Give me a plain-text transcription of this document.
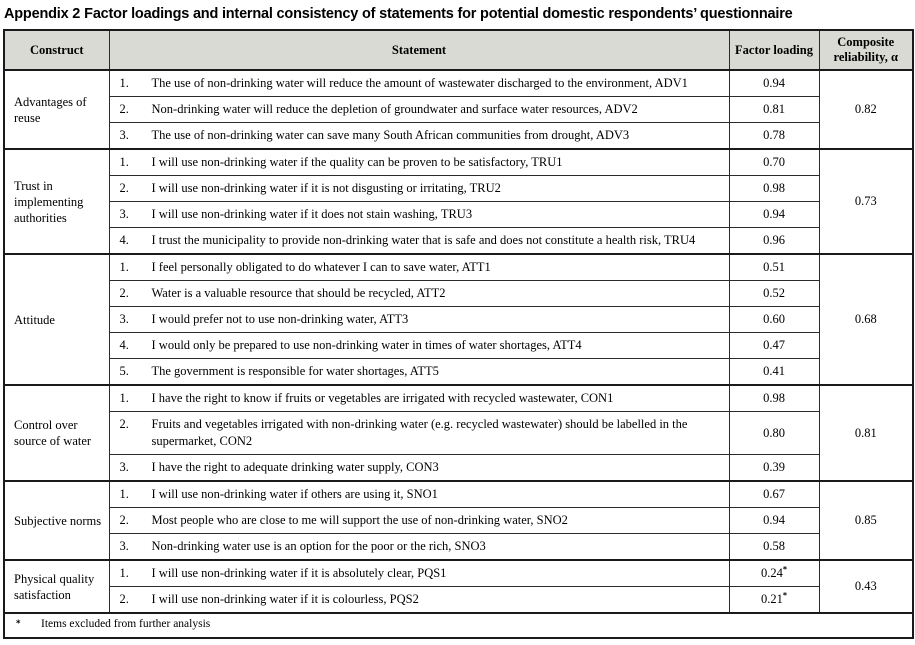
Appendix 2 Factor loadings and internal consistency of statements for potential domestic respondents’ questionnaire
Construct	Statement	Factor loading	Composite reliability, α
Advantages of reuse	1. The use of non-drinking water will reduce the amount of wastewater discharged to the environment, ADV1	0.94	0.82

	2. Non-drinking water will reduce the depletion of groundwater and surface water resources, ADV2	0.81	

	3. The use of non-drinking water can save many South African communities from drought, ADV3	0.78	
Trust in implementing authorities	1. I will use non-drinking water if the quality can be proven to be satisfactory, TRU1	0.70	0.73

	2. I will use non-drinking water if it is not disgusting or irritating, TRU2	0.98	

	3. I will use non-drinking water if it does not stain washing, TRU3	0.94	

	4. I trust the municipality to provide non-drinking water that is safe and does not constitute a health risk, TRU4	0.96	
Attitude	1. I feel personally obligated to do whatever I can to save water, ATT1	0.51	0.68

	2. Water is a valuable resource that should be recycled, ATT2	0.52	

	3. I would prefer not to use non-drinking water, ATT3	0.60	

	4. I would only be prepared to use non-drinking water in times of water shortages, ATT4	0.47	

	5. The government is responsible for water shortages, ATT5	0.41	
Control over source of water	1. I have the right to know if fruits or vegetables are irrigated with recycled wastewater, CON1	0.98	0.81

	2. Fruits and vegetables irrigated with non-drinking water (e.g. recycled wastewater) should be labelled in the supermarket, CON2	0.80	

	3. I have the right to adequate drinking water supply, CON3	0.39	
Subjective norms	1. I will use non-drinking water if others are using it, SNO1	0.67	0.85

	2. Most people who are close to me will support the use of non-drinking water, SNO2	0.94	

	3. Non-drinking water use is an option for the poor or the rich, SNO3	0.58	
Physical quality satisfaction	1. I will use non-drinking water if it is absolutely clear, PQS1	0.24*	0.43

	2. I will use non-drinking water if it is colourless, PQS2	0.21*

* Items excluded from further analysis			
